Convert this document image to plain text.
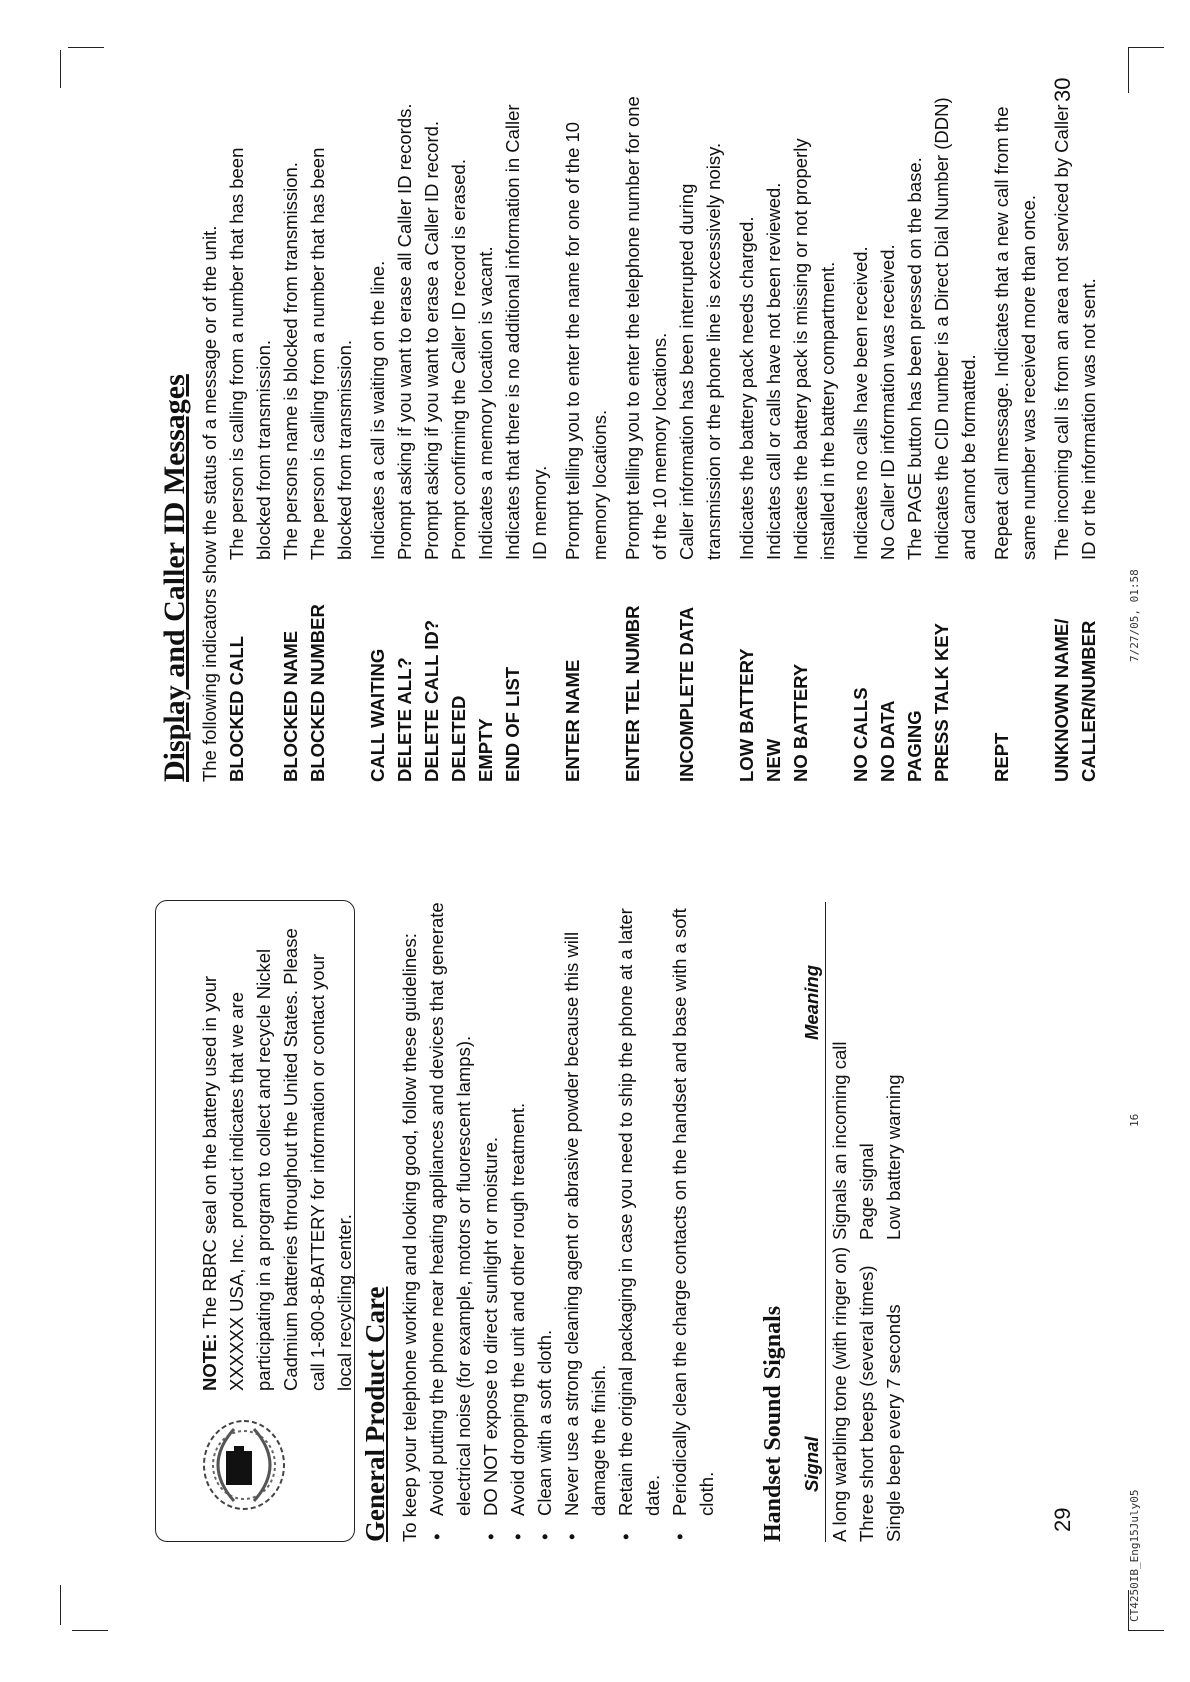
NOTE: The RBRC seal on the battery used in your XXXXXX USA, Inc. product indicates that we are participating in a program to collect and recycle Nickel Cadmium batteries throughout the United States. Please call 1-800-8-BATTERY for information or contact your local recycling center. General Product Care To keep your telephone working and looking good, follow these guidelines: • Avoid putting the phone near heating appliances and devices that generate electrical noise (for example, motors or fluorescent lamps). • DO NOT expose to direct sunlight or moisture. • Avoid dropping the unit and other rough treatment. • Clean with a soft cloth. • Never use a strong cleaning agent or abrasive powder because this will damage the finish. • Retain the original packaging in case you need to ship the phone at a later date. • Periodically clean the charge contacts on the handset and base with a soft cloth. Handset Sound Signals Signal
Meaning
A long warbling tone (with ringer on)
Signals an incoming call
Three short beeps (several times)
Page signal
Single beep every 7 seconds
Low battery warning
29
Display and Caller ID Messages The following indicators show the status of a message or of the unit. BLOCKED CALL
The person is calling from a number that has been blocked from transmission.
BLOCKED NAME
The persons name is blocked from transmission.
BLOCKED NUMBER
The person is calling from a number that has been blocked from transmission.
CALL WAITING
Indicates a call is waiting on the line.
DELETE ALL?
Prompt asking if you want to erase all Caller ID records.
DELETE CALL ID?
Prompt asking if you want to erase a Caller ID record.
DELETED
Prompt confirming the Caller ID record is erased.
EMPTY
Indicates a memory location is vacant.
END OF LIST
Indicates that there is no additional information in Caller ID memory.
ENTER NAME
Prompt telling you to enter the name for one of the 10 memory locations.
ENTER TEL NUMBR
Prompt telling you to enter the telephone number for one of the 10 memory locations.
INCOMPLETE DATA
Caller information has been interrupted during transmission or the phone line is excessively noisy.
LOW BATTERY
Indicates the battery pack needs charged.
NEW
Indicates call or calls have not been reviewed.
NO BATTERY
Indicates the battery pack is missing or not properly installed in the battery compartment.
NO CALLS
Indicates no calls have been received.
NO DATA
No Caller ID information was received.
PAGING
The PAGE button has been pressed on the base.
PRESS TALK KEY
Indicates the CID number is a Direct Dial Number (DDN) and cannot be formatted.
REPT
Repeat call message. Indicates that a new call from the same number was received more than once.
UNKNOWN NAME/ CALLER/NUMBER
The incoming call is from an area not serviced by Caller ID or the information was not sent.
30
CT4250IB_Eng15July05
16
7/27/05, 01:58
